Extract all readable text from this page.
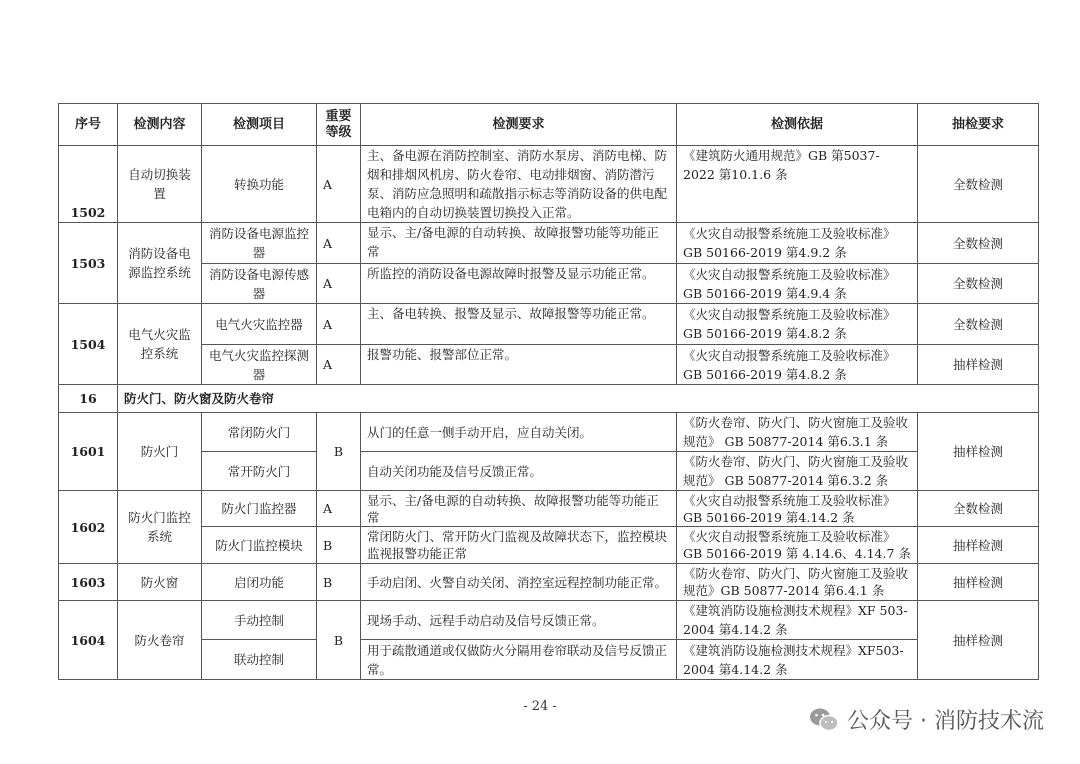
序号	检测内容	检测项目	重要等级	检测要求	检测依据	抽检要求
1502	自动切换装置	转换功能	A	主、备电源在消防控制室、消防水泵房、消防电梯、防烟和排烟风机房、防火卷帘、电动排烟窗、消防潜污泵、消防应急照明和疏散指示标志等消防设备的供电配电箱内的自动切换装置切换投入正常。	《建筑防火通用规范》GB 第5037-2022 第10.1.6 条	全数检测
1503	消防设备电源监控系统	消防设备电源监控器	A	显示、主/备电源的自动转换、故障报警功能等功能正常	《火灾自动报警系统施工及验收标准》GB 50166-2019 第4.9.2 条	全数检测
		消防设备电源传感器	A	所监控的消防设备电源故障时报警及显示功能正常。	《火灾自动报警系统施工及验收标准》GB 50166-2019 第4.9.4 条	全数检测
1504	电气火灾监控系统	电气火灾监控器	A	主、备电转换、报警及显示、故障报警等功能正常。	《火灾自动报警系统施工及验收标准》GB 50166-2019 第4.8.2 条	全数检测
		电气火灾监控探测器	A	报警功能、报警部位正常。	《火灾自动报警系统施工及验收标准》GB 50166-2019 第4.8.2 条	抽样检测
16	防火门、防火窗及防火卷帘					
1601	防火门	常闭防火门	B	从门的任意一侧手动开启，应自动关闭。	《防火卷帘、防火门、防火窗施工及验收规范》 GB 50877-2014 第6.3.1 条	抽样检测
		常开防火门		自动关闭功能及信号反馈正常。	《防火卷帘、防火门、防火窗施工及验收规范》 GB 50877-2014 第6.3.2 条	
1602	防火门监控系统	防火门监控器	A	显示、主/备电源的自动转换、故障报警功能等功能正常	《火灾自动报警系统施工及验收标准》GB 50166-2019 第4.14.2 条	全数检测
		防火门监控模块	B	常闭防火门、常开防火门监视及故障状态下，监控模块监视报警功能正常	《火灾自动报警系统施工及验收标准》GB 50166-2019 第 4.14.6、4.14.7 条	抽样检测
1603	防火窗	启闭功能	B	手动启闭、火警自动关闭、消控室远程控制功能正常。	《防火卷帘、防火门、防火窗施工及验收规范》GB 50877-2014 第6.4.1 条	抽样检测
1604	防火卷帘	手动控制	B	现场手动、远程手动启动及信号反馈正常。	《建筑消防设施检测技术规程》XF 503-2004 第4.14.2 条	抽样检测
		联动控制		用于疏散通道或仅做防火分隔用卷帘联动及信号反馈正常。	《建筑消防设施检测技术规程》XF503-2004 第4.14.2 条	
- 24 -
公众号 · 消防技术流
